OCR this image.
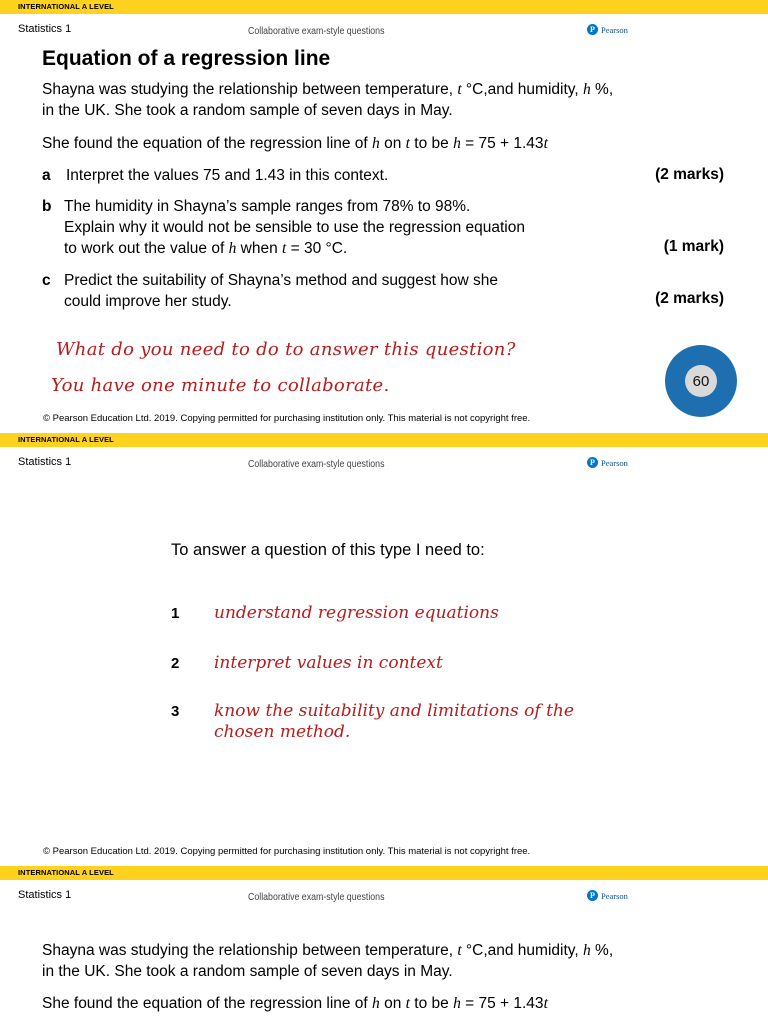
INTERNATIONAL A LEVEL
Statistics 1	Collaborative exam-style questions	P Pearson
Equation of a regression line
Shayna was studying the relationship between temperature, t °C,and humidity, h %,
in the UK. She took a random sample of seven days in May.
She found the equation of the regression line of h on t to be h = 75 + 1.43t
a Interpret the values 75 and 1.43 in this context.	(2 marks)
b The humidity in Shayna’s sample ranges from 78% to 98%.
Explain why it would not be sensible to use the regression equation
to work out the value of h when t = 30 °C.	(1 mark)
c Predict the suitability of Shayna’s method and suggest how she
could improve her study.	(2 marks)
What do you need to do to answer this question?
You have one minute to collaborate.	60
© Pearson Education Ltd. 2019. Copying permitted for purchasing institution only. This material is not copyright free.
INTERNATIONAL A LEVEL
Statistics 1	Collaborative exam-style questions	P Pearson
To answer a question of this type I need to:
1 understand regression equations
2 interpret values in context
3 know the suitability and limitations of the chosen method.
© Pearson Education Ltd. 2019. Copying permitted for purchasing institution only. This material is not copyright free.
INTERNATIONAL A LEVEL
Statistics 1	Collaborative exam-style questions	P Pearson
Shayna was studying the relationship between temperature, t °C,and humidity, h %,
in the UK. She took a random sample of seven days in May.
She found the equation of the regression line of h on t to be h = 75 + 1.43t
